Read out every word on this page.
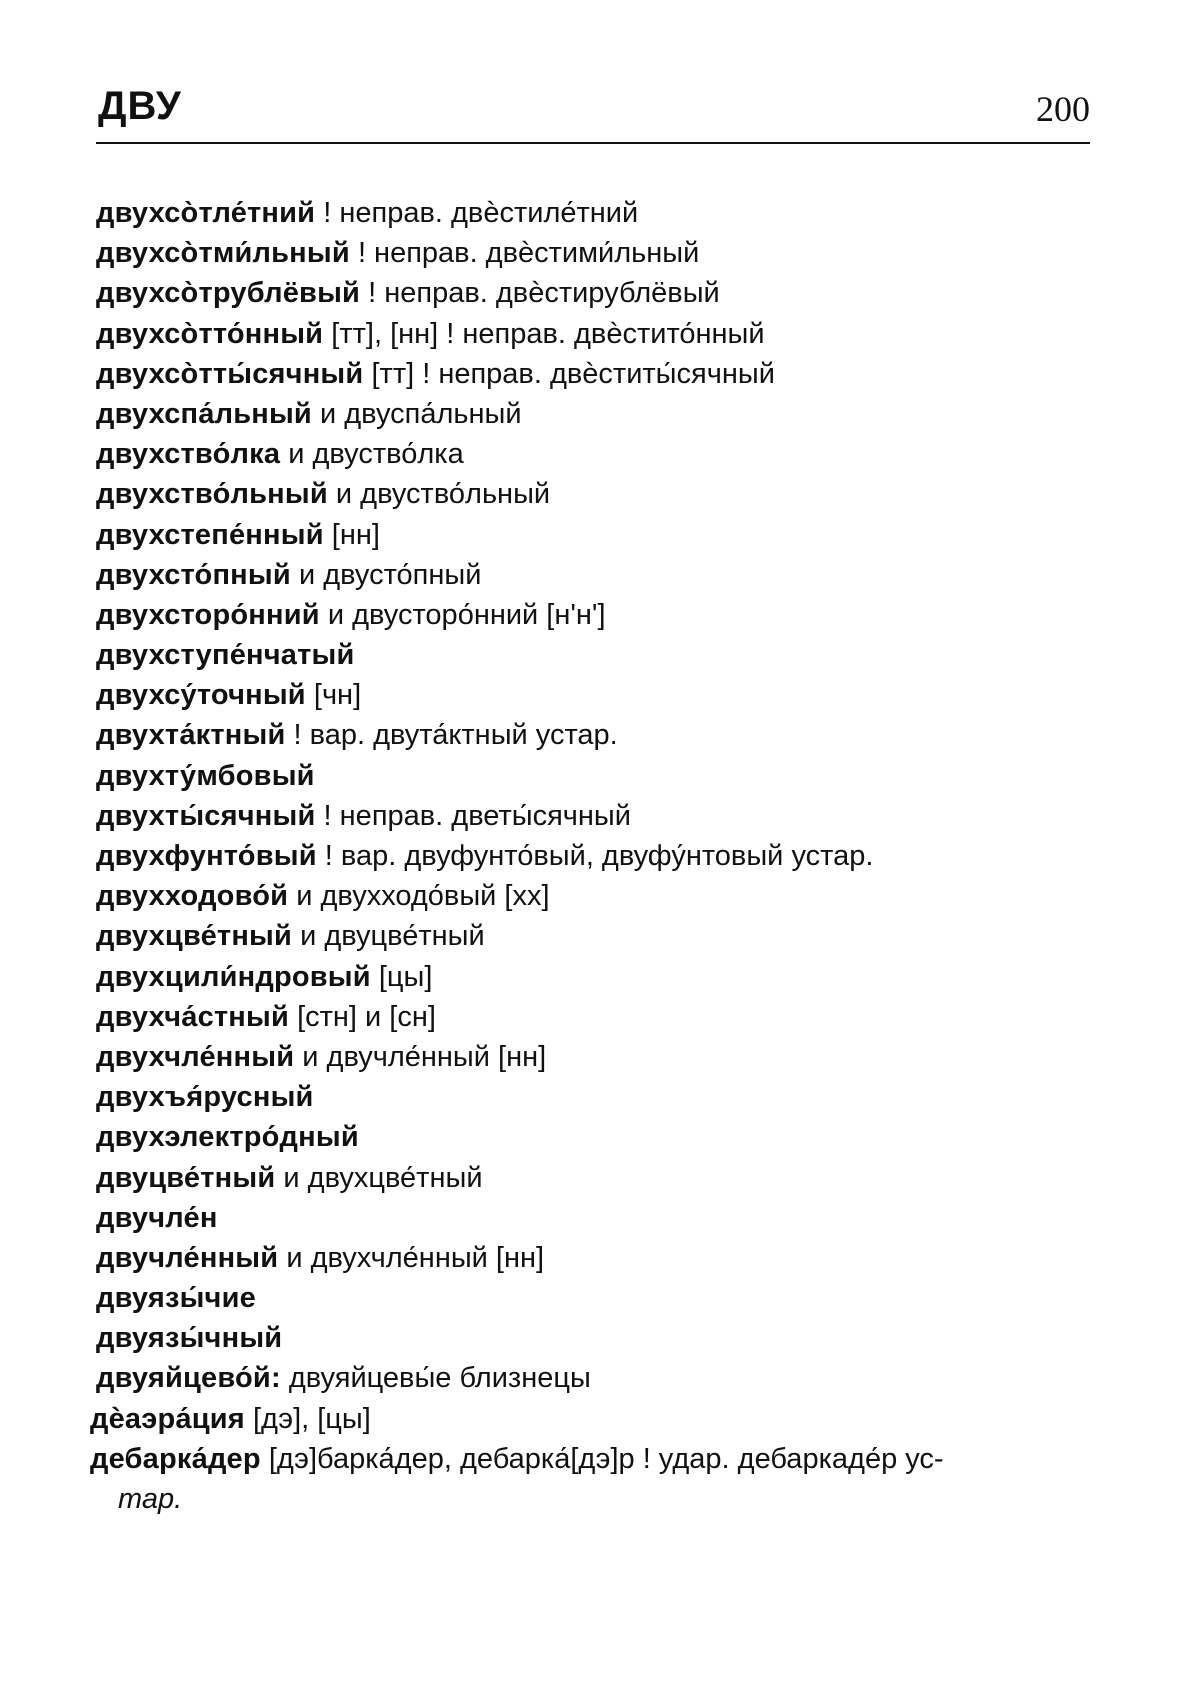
ДВУ	200
двухсо̀тле́тний ! неправ. двѐстиле́тний
двухсо̀тми́льный ! неправ. двѐстими́льный
двухсо̀трублёвый ! неправ. двѐстирублёвый
двухсо̀тто́нный [тт], [нн] ! неправ. двѐстито́нный
двухсо̀тты́сячный [тт] ! неправ. двѐститы́сячный
двухспа́льный и двуспа́льный
двухство́лка и двуство́лка
двухство́льный и двуство́льный
двухстепе́нный [нн]
двухсто́пный и двусто́пный
двухсторо́нний и двусторо́нний [н'н']
двухступе́нчатый
двухсу́точный [чн]
двухта́ктный ! вар. двута́ктный устар.
двухту́мбовый
двухты́сячный ! неправ. дветы́сячный
двухфунто́вый ! вар. двуфунто́вый, двуфу́нтовый устар.
двухходово́й и двухходо́вый [хх]
двухцве́тный и двуцве́тный
двухцили́ндровый [цы]
двухча́стный [стн] и [сн]
двухчле́нный и двучле́нный [нн]
двухъя́русный
двухэлектро́дный
двуцве́тный и двухцве́тный
двучле́н
двучле́нный и двухчле́нный [нн]
двуязы́чие
двуязы́чный
двуяйцево́й: двуяйцевы́е близнецы
дѐаэра́ция [дэ], [цы]
дебарка́дер [дэ]барка́дер, дебарка́[дэ]р ! удар. дебаркаде́р ус-
тар.
